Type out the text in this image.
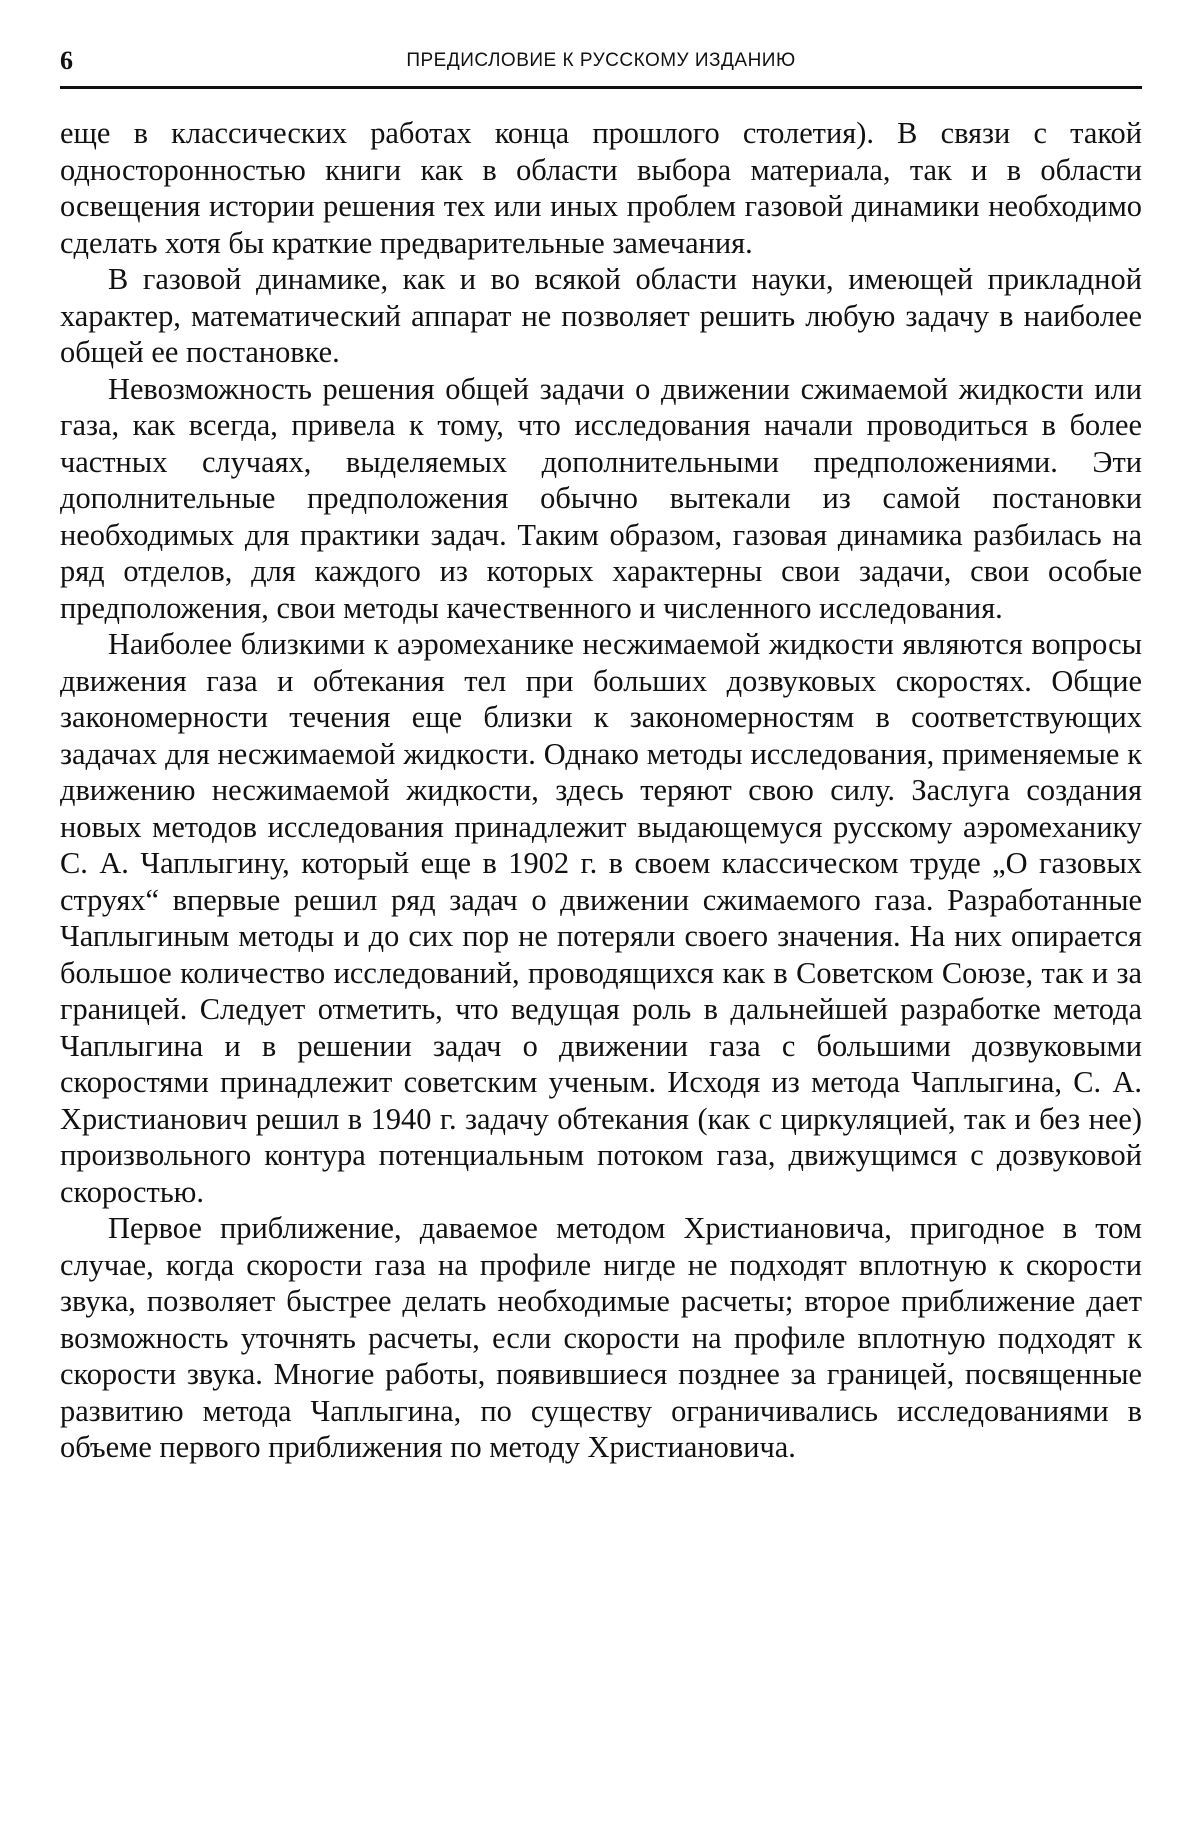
6	ПРЕДИСЛОВИЕ К РУССКОМУ ИЗДАНИЮ

еще в классических работах конца прошлого столетия). В связи с такой односторонностью книги как в области выбора материала, так и в области освещения истории решения тех или иных проблем газовой динамики необходимо сделать хотя бы краткие предварительные замечания.

В газовой динамике, как и во всякой области науки, имеющей прикладной характер, математический аппарат не позволяет решить любую задачу в наиболее общей ее постановке.

Невозможность решения общей задачи о движении сжимаемой жидкости или газа, как всегда, привела к тому, что исследования начали проводиться в более частных случаях, выделяемых дополнительными предположениями. Эти дополнительные предположения обычно вытекали из самой постановки необходимых для практики задач. Таким образом, газовая динамика разбилась на ряд отделов, для каждого из которых характерны свои задачи, свои особые предположения, свои методы качественного и численного исследования.

Наиболее близкими к аэромеханике несжимаемой жидкости являются вопросы движения газа и обтекания тел при больших дозвуковых скоростях. Общие закономерности течения еще близки к закономерностям в соответствующих задачах для несжимаемой жидкости. Однако методы исследования, применяемые к движению несжимаемой жидкости, здесь теряют свою силу. Заслуга создания новых методов исследования принадлежит выдающемуся русскому аэромеханику С. А. Чаплыгину, который еще в 1902 г. в своем классическом труде „О газовых струях“ впервые решил ряд задач о движении сжимаемого газа. Разработанные Чаплыгиным методы и до сих пор не потеряли своего значения. На них опирается большое количество исследований, проводящихся как в Советском Союзе, так и за границей. Следует отметить, что ведущая роль в дальнейшей разработке метода Чаплыгина и в решении задач о движении газа с большими дозвуковыми скоростями принадлежит советским ученым. Исходя из метода Чаплыгина, С. А. Христианович решил в 1940 г. задачу обтекания (как с циркуляцией, так и без нее) произвольного контура потенциальным потоком газа, движущимся с дозвуковой скоростью.

Первое приближение, даваемое методом Христиановича, пригодное в том случае, когда скорости газа на профиле нигде не подходят вплотную к скорости звука, позволяет быстрее делать необходимые расчеты; второе приближение дает возможность уточнять расчеты, если скорости на профиле вплотную подходят к скорости звука. Многие работы, появившиеся позднее за границей, посвященные развитию метода Чаплыгина, по существу ограничивались исследованиями в объеме первого приближения по методу Христиановича.
